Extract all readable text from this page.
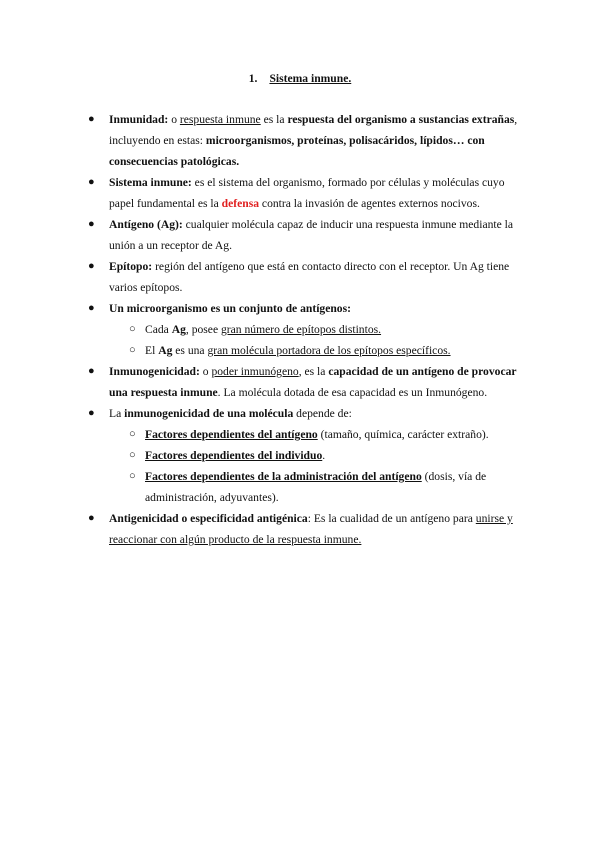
1. Sistema inmune.
● Inmunidad: o respuesta inmune es la respuesta del organismo a sustancias extrañas, incluyendo en estas: microorganismos, proteínas, polisacáridos, lípidos… con consecuencias patológicas.
● Sistema inmune: es el sistema del organismo, formado por células y moléculas cuyo papel fundamental es la defensa contra la invasión de agentes externos nocivos.
● Antígeno (Ag): cualquier molécula capaz de inducir una respuesta inmune mediante la unión a un receptor de Ag.
● Epítopo: región del antígeno que está en contacto directo con el receptor. Un Ag tiene varios epítopos.
● Un microorganismo es un conjunto de antígenos:
○ Cada Ag, posee gran número de epítopos distintos.
○ El Ag es una gran molécula portadora de los epítopos específicos.
● Inmunogenicidad: o poder inmunógeno, es la capacidad de un antígeno de provocar una respuesta inmune. La molécula dotada de esa capacidad es un Inmunógeno.
● La inmunogenicidad de una molécula depende de:
○ Factores dependientes del antígeno (tamaño, química, carácter extraño).
○ Factores dependientes del individuo.
○ Factores dependientes de la administración del antígeno (dosis, vía de administración, adyuvantes).
● Antigenicidad o especificidad antigénica: Es la cualidad de un antígeno para unirse y reaccionar con algún producto de la respuesta inmune.
